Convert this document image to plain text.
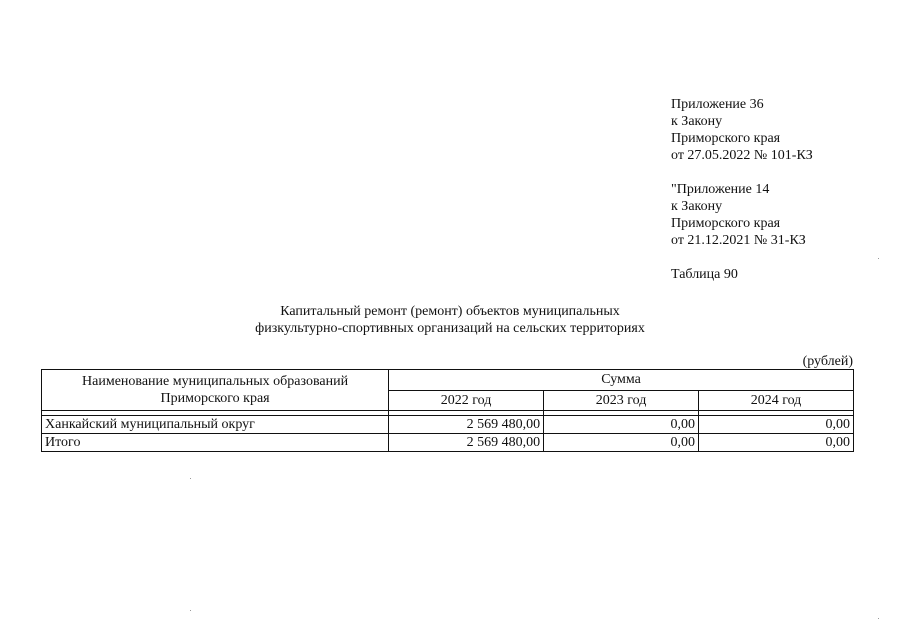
Приложение 36
к Закону
Приморского края
от 27.05.2022 № 101-КЗ
"Приложение 14
к Закону
Приморского края
от 21.12.2021 № 31-КЗ
Таблица 90
Капитальный ремонт (ремонт) объектов муниципальных
физкультурно-спортивных организаций на сельских территориях
(рублей)
Наименование муниципальных образований
Приморского края	Сумма		
	2022 год	2023 год	2024 год

Ханкайский муниципальный округ	2 569 480,00	0,00	0,00
Итого	2 569 480,00	0,00	0,00
